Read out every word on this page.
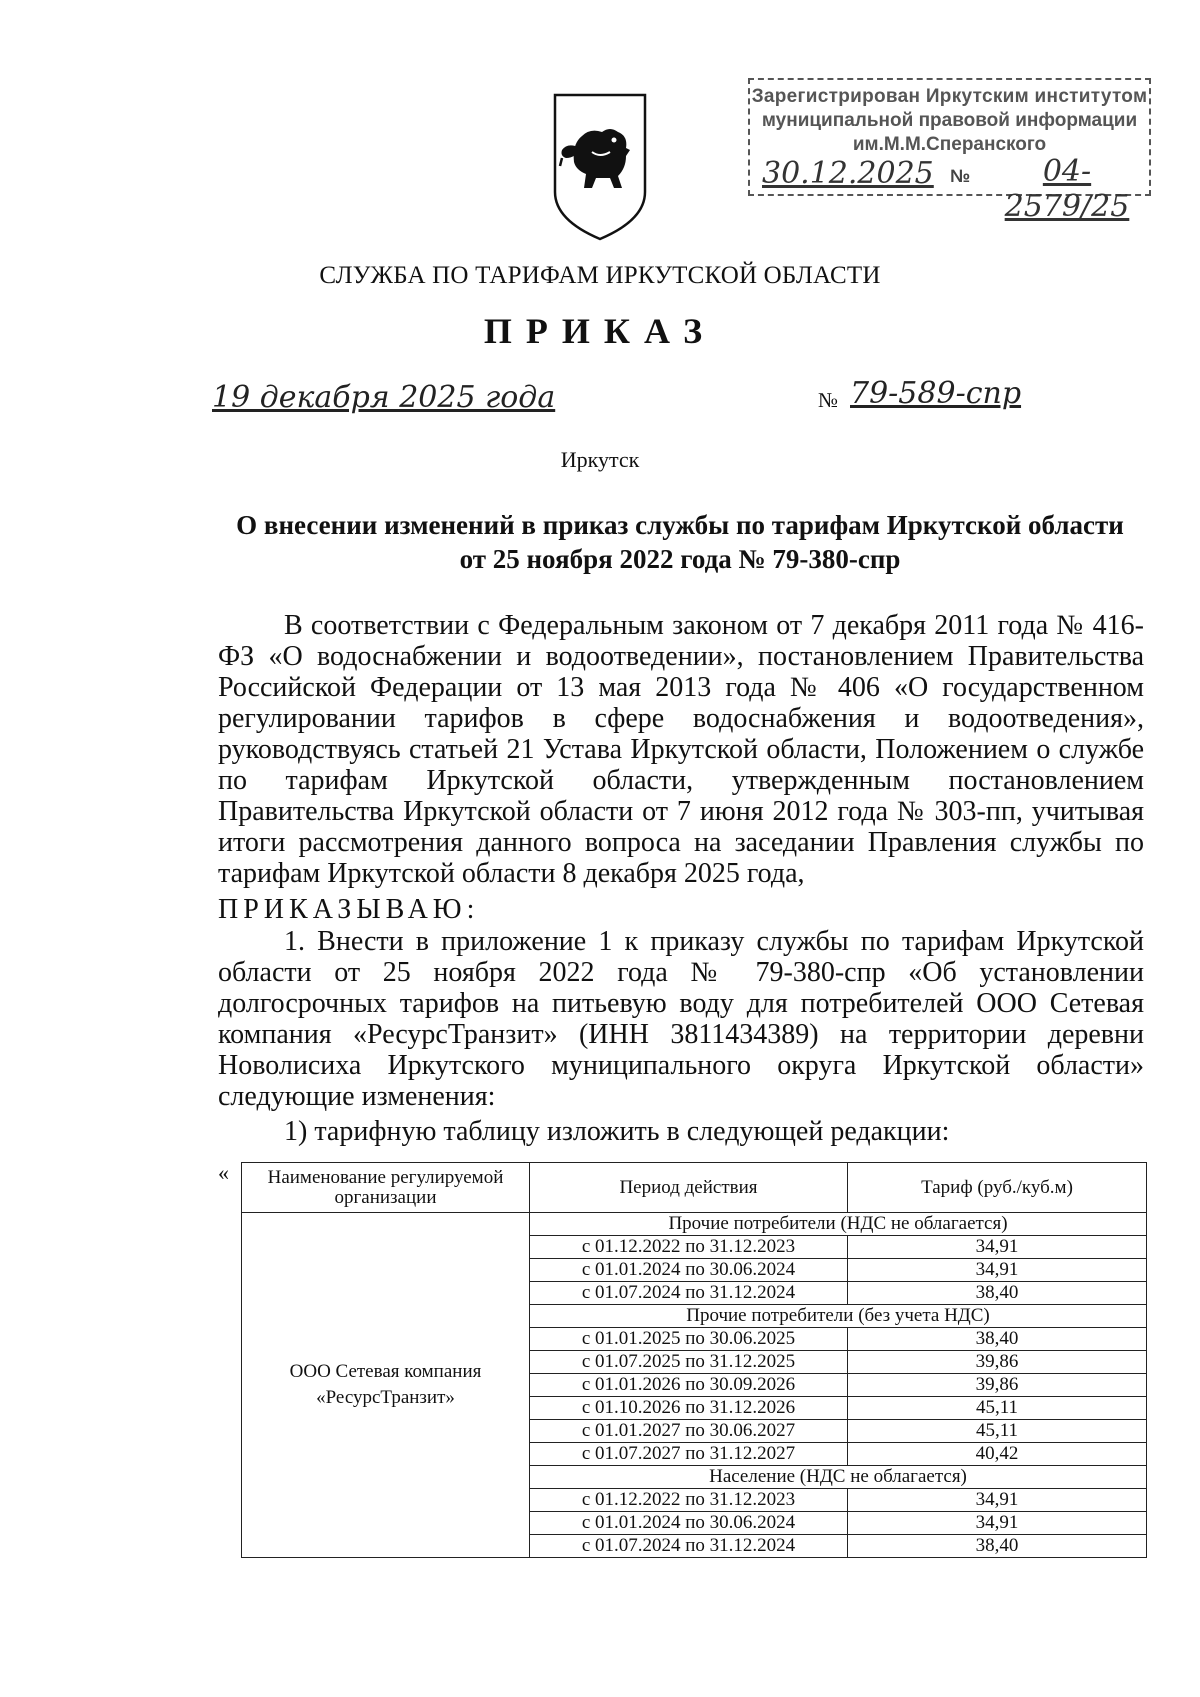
Зарегистрирован Иркутским институтом
муниципальной правовой информации
им.М.М.Сперанского
30.12.2025 №	04-2579/25
СЛУЖБА ПО ТАРИФАМ ИРКУТСКОЙ ОБЛАСТИ
ПРИКАЗ
19 декабря 2025 года	№ 79-589-спр
Иркутск
О внесении изменений в приказ службы по тарифам Иркутской области
от 25 ноября 2022 года № 79-380-спр
В соответствии с Федеральным законом от 7 декабря 2011 года № 416-ФЗ «О водоснабжении и водоотведении», постановлением Правительства Российской Федерации от 13 мая 2013 года № 406 «О государственном регулировании тарифов в сфере водоснабжения и водоотведения», руководствуясь статьей 21 Устава Иркутской области, Положением о службе по тарифам Иркутской области, утвержденным постановлением Правительства Иркутской области от 7 июня 2012 года № 303-пп, учитывая итоги рассмотрения данного вопроса на заседании Правления службы по тарифам Иркутской области 8 декабря 2025 года,
ПРИКАЗЫВАЮ:
1. Внести в приложение 1 к приказу службы по тарифам Иркутской области от 25 ноября 2022 года № 79-380-спр «Об установлении долгосрочных тарифов на питьевую воду для потребителей ООО Сетевая компания «РесурсТранзит» (ИНН 3811434389) на территории деревни Новолисиха Иркутского муниципального округа Иркутской области» следующие изменения:
1) тарифную таблицу изложить в следующей редакции:
« Наименование регулируемой организации	Период действия	Тариф (руб./куб.м)

ООО Сетевая компания
«РесурсТранзит»	Прочие потребители (НДС не облагается)	
	с 01.12.2022 по 31.12.2023	34,91
	с 01.01.2024 по 30.06.2024	34,91
	с 01.07.2024 по 31.12.2024	38,40
	Прочие потребители (без учета НДС)	
	с 01.01.2025 по 30.06.2025	38,40
	с 01.07.2025 по 31.12.2025	39,86
	с 01.01.2026 по 30.09.2026	39,86
	с 01.10.2026 по 31.12.2026	45,11
	с 01.01.2027 по 30.06.2027	45,11
	с 01.07.2027 по 31.12.2027	40,42
	Население (НДС не облагается)	
	с 01.12.2022 по 31.12.2023	34,91
	с 01.01.2024 по 30.06.2024	34,91
	с 01.07.2024 по 31.12.2024	38,40
